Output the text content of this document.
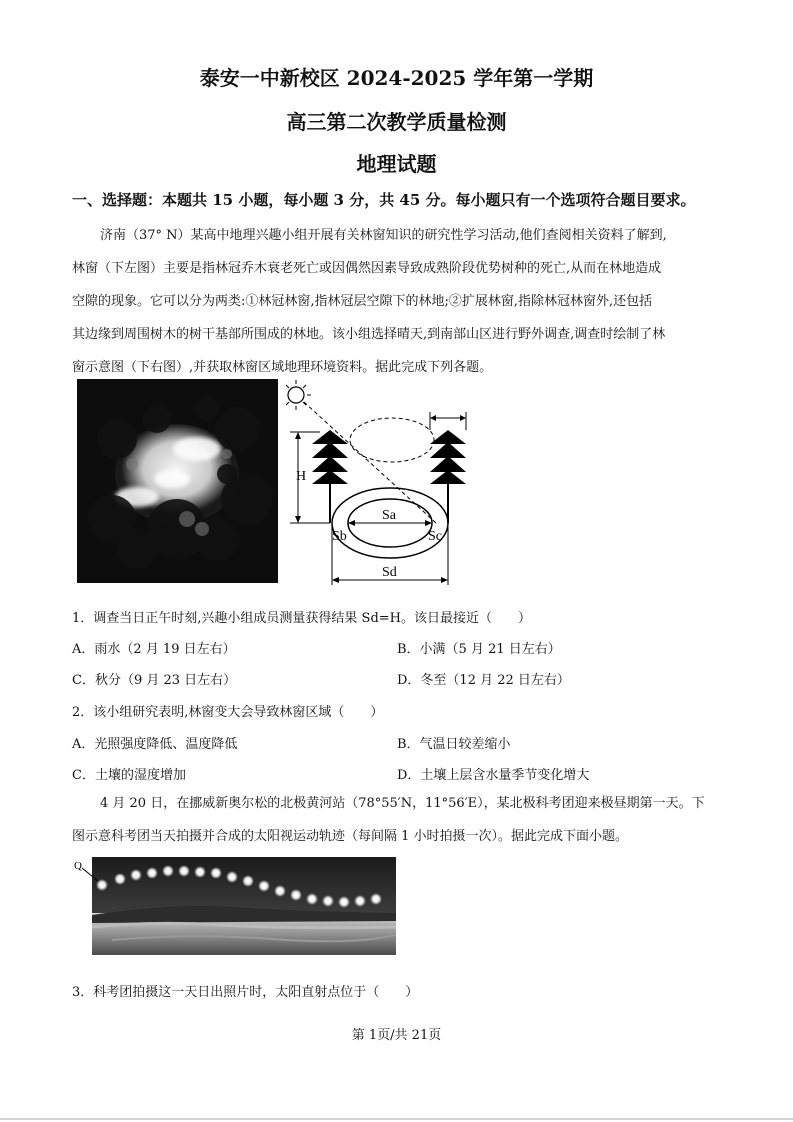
泰安一中新校区 2024-2025 学年第一学期
高三第二次教学质量检测
地理试题
一、选择题：本题共 15 小题，每小题 3 分，共 45 分。每小题只有一个选项符合题目要求。
济南（37° N）某高中地理兴趣小组开展有关林窗知识的研究性学习活动,他们查阅相关资料了解到,
林窗（下左图）主要是指林冠乔木衰老死亡或因偶然因素导致成熟阶段优势树种的死亡,从而在林地造成
空隙的现象。它可以分为两类:①林冠林窗,指林冠层空隙下的林地;②扩展林窗,指除林冠林窗外,还包括
其边缘到周围树木的树干基部所围成的林地。该小组选择晴天,到南部山区进行野外调查,调查时绘制了林
窗示意图（下右图）,并获取林窗区域地理环境资料。据此完成下列各题。
H
Sa
Sb	Sc
Sd
1．调查当日正午时刻,兴趣小组成员测量获得结果 Sd=H。该日最接近（　　）
A．雨水（2 月 19 日左右）	B．小满（5 月 21 日左右）
C．秋分（9 月 23 日左右）	D．冬至（12 月 22 日左右）
2．该小组研究表明,林窗变大会导致林窗区域（　　）
A．光照强度降低、温度降低	B．气温日较差缩小
C．土壤的湿度增加	D．土壤上层含水量季节变化增大
4 月 20 日，在挪威新奥尔松的北极黄河站（78°55′N，11°56′E），某北极科考团迎来极昼期第一天。下
图示意科考团当天拍摄并合成的太阳视运动轨迹（每间隔 1 小时拍摄一次）。据此完成下面小题。
Q
3．科考团拍摄这一天日出照片时，太阳直射点位于（　　）
第 1页/共 21页
